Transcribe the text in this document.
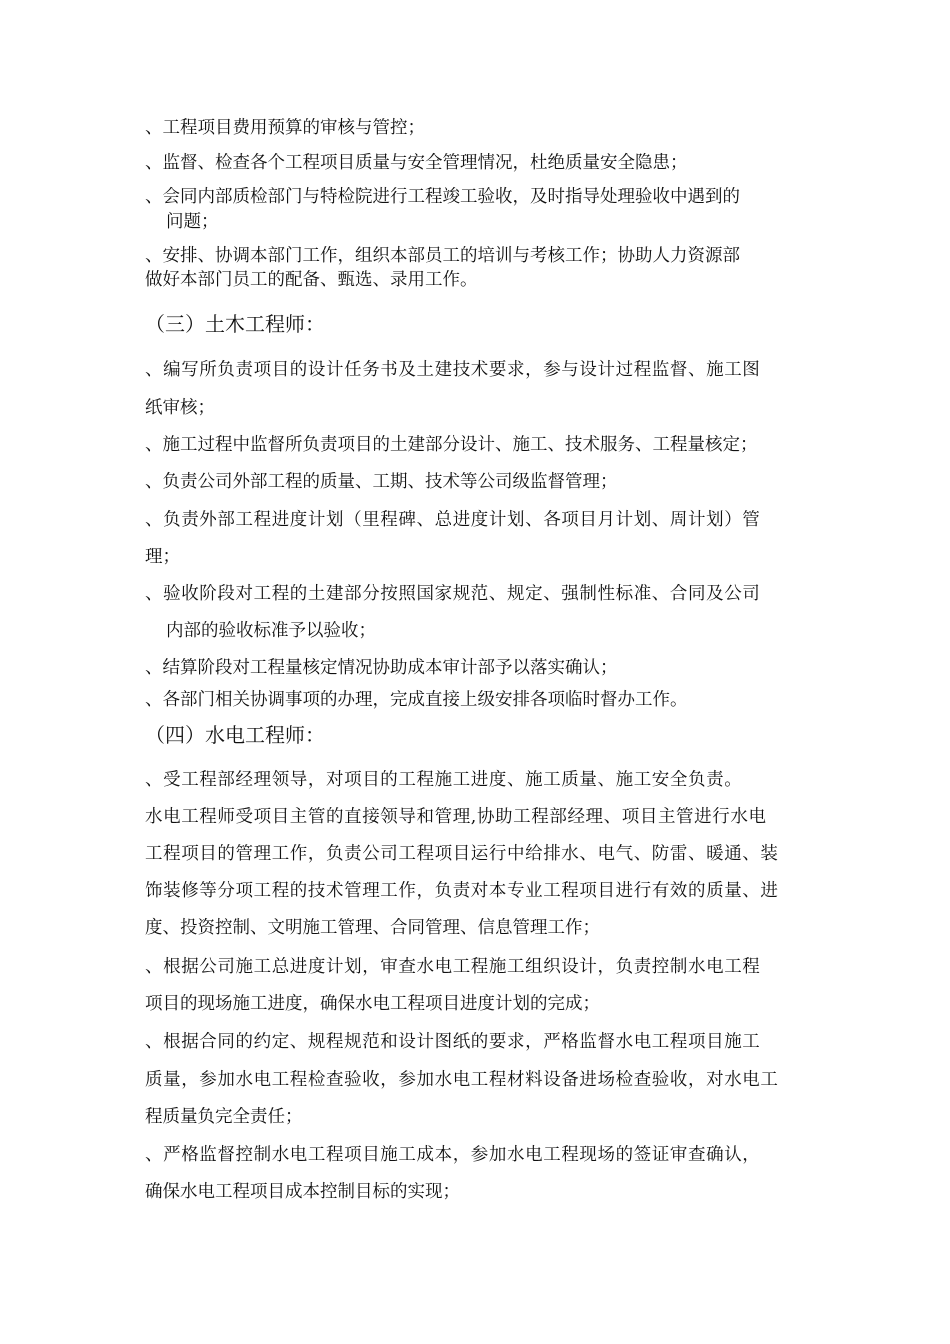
、工程项目费用预算的审核与管控；
、监督、检查各个工程项目质量与安全管理情况，杜绝质量安全隐患；
、会同内部质检部门与特检院进行工程竣工验收，及时指导处理验收中遇到的
问题；
、安排、协调本部门工作，组织本部员工的培训与考核工作；协助人力资源部
做好本部门员工的配备、甄选、录用工作。
（三）土木工程师：
、编写所负责项目的设计任务书及土建技术要求，参与设计过程监督、施工图
纸审核；
、施工过程中监督所负责项目的土建部分设计、施工、技术服务、工程量核定；
、负责公司外部工程的质量、工期、技术等公司级监督管理；
、负责外部工程进度计划（里程碑、总进度计划、各项目月计划、周计划）管
理；
、验收阶段对工程的土建部分按照国家规范、规定、强制性标准、合同及公司
内部的验收标准予以验收；
、结算阶段对工程量核定情况协助成本审计部予以落实确认；
、各部门相关协调事项的办理，完成直接上级安排各项临时督办工作。
（四）水电工程师：
、受工程部经理领导，对项目的工程施工进度、施工质量、施工安全负责。
水电工程师受项目主管的直接领导和管理,协助工程部经理、项目主管进行水电
工程项目的管理工作，负责公司工程项目运行中给排水、电气、防雷、暖通、装
饰装修等分项工程的技术管理工作，负责对本专业工程项目进行有效的质量、进
度、投资控制、文明施工管理、合同管理、信息管理工作；
、根据公司施工总进度计划，审查水电工程施工组织设计，负责控制水电工程
项目的现场施工进度，确保水电工程项目进度计划的完成；
、根据合同的约定、规程规范和设计图纸的要求，严格监督水电工程项目施工
质量，参加水电工程检查验收，参加水电工程材料设备进场检查验收，对水电工
程质量负完全责任；
、严格监督控制水电工程项目施工成本，参加水电工程现场的签证审查确认，
确保水电工程项目成本控制目标的实现；
